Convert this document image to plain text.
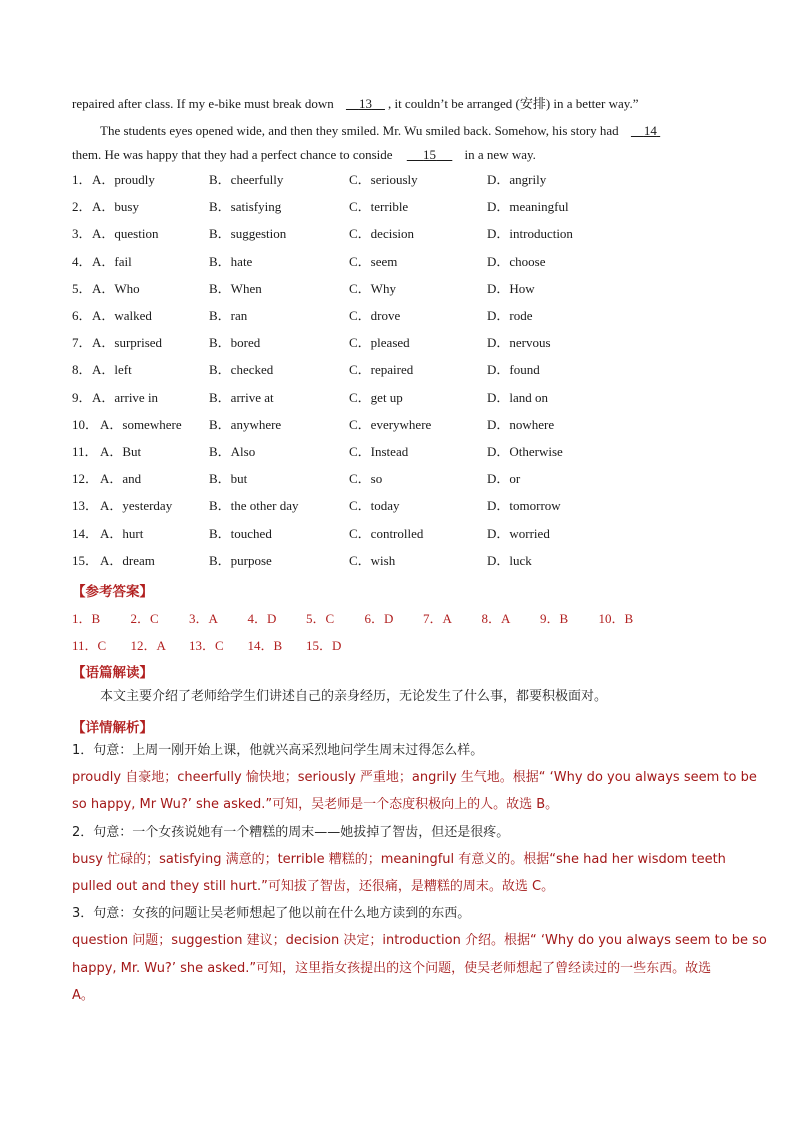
repaired after class. If my e-bike must break down 13 , it couldn’t be arranged (安排) in a better way.”
The students eyes opened wide, and then they smiled. Mr. Wu smiled back. Somehow, his story had 14
them. He was happy that they had a perfect chance to conside 15 in a new way.
1． A．proudly	B．cheerfully	C．seriously	D．angrily
2． A．busy	B．satisfying	C．terrible	D．meaningful
3． A．question	B．suggestion	C．decision	D．introduction
4． A．fail	B．hate	C．seem	D．choose
5． A．Who	B．When	C．Why	D．How
6． A．walked	B．ran	C．drove	D．rode
7． A．surprised	B．bored	C．pleased	D．nervous
8． A．left	B．checked	C．repaired	D．found
9． A．arrive in	B．arrive at	C．get up	D．land on
10． A．somewhere B．anywhere	C．everywhere	D．nowhere
11． A．But	B．Also	C．Instead	D．Otherwise
12． A．and	B．but	C．so	D．or
13． A．yesterday	B．the other day	C．today	D．tomorrow
14． A．hurt	B．touched	C．controlled	D．worried
15． A．dream	B．purpose	C．wish	D．luck
【参考答案】
1．B 2．C 3．A 4．D 5．C 6．D 7．A 8．A 9．B 10．B
11．C 12．A 13．C 14．B 15．D
【语篇解读】
本文主要介绍了老师给学生们讲述自己的亲身经历，无论发生了什么事，都要积极面对。
【详情解析】
1．句意：上周一刚开始上课，他就兴高采烈地问学生周末过得怎么样。
proudly 自豪地；cheerfully 愉快地；seriously 严重地；angrily 生气地。根据“ ‘Why do you always seem to be
so happy, Mr Wu?’ she asked.”可知，吴老师是一个态度积极向上的人。故选 B。
2．句意：一个女孩说她有一个糟糕的周末——她拔掉了智齿，但还是很疼。
busy 忙碌的；satisfying 满意的；terrible 糟糕的；meaningful 有意义的。根据“she had her wisdom teeth
pulled out and they still hurt.”可知拔了智齿，还很痛，是糟糕的周末。故选 C。
3．句意：女孩的问题让吴老师想起了他以前在什么地方读到的东西。
question 问题；suggestion 建议；decision 决定；introduction 介绍。根据“ ‘Why do you always seem to be so
happy, Mr. Wu?’ she asked.”可知，这里指女孩提出的这个问题，使吴老师想起了曾经读过的一些东西。故选
A。
